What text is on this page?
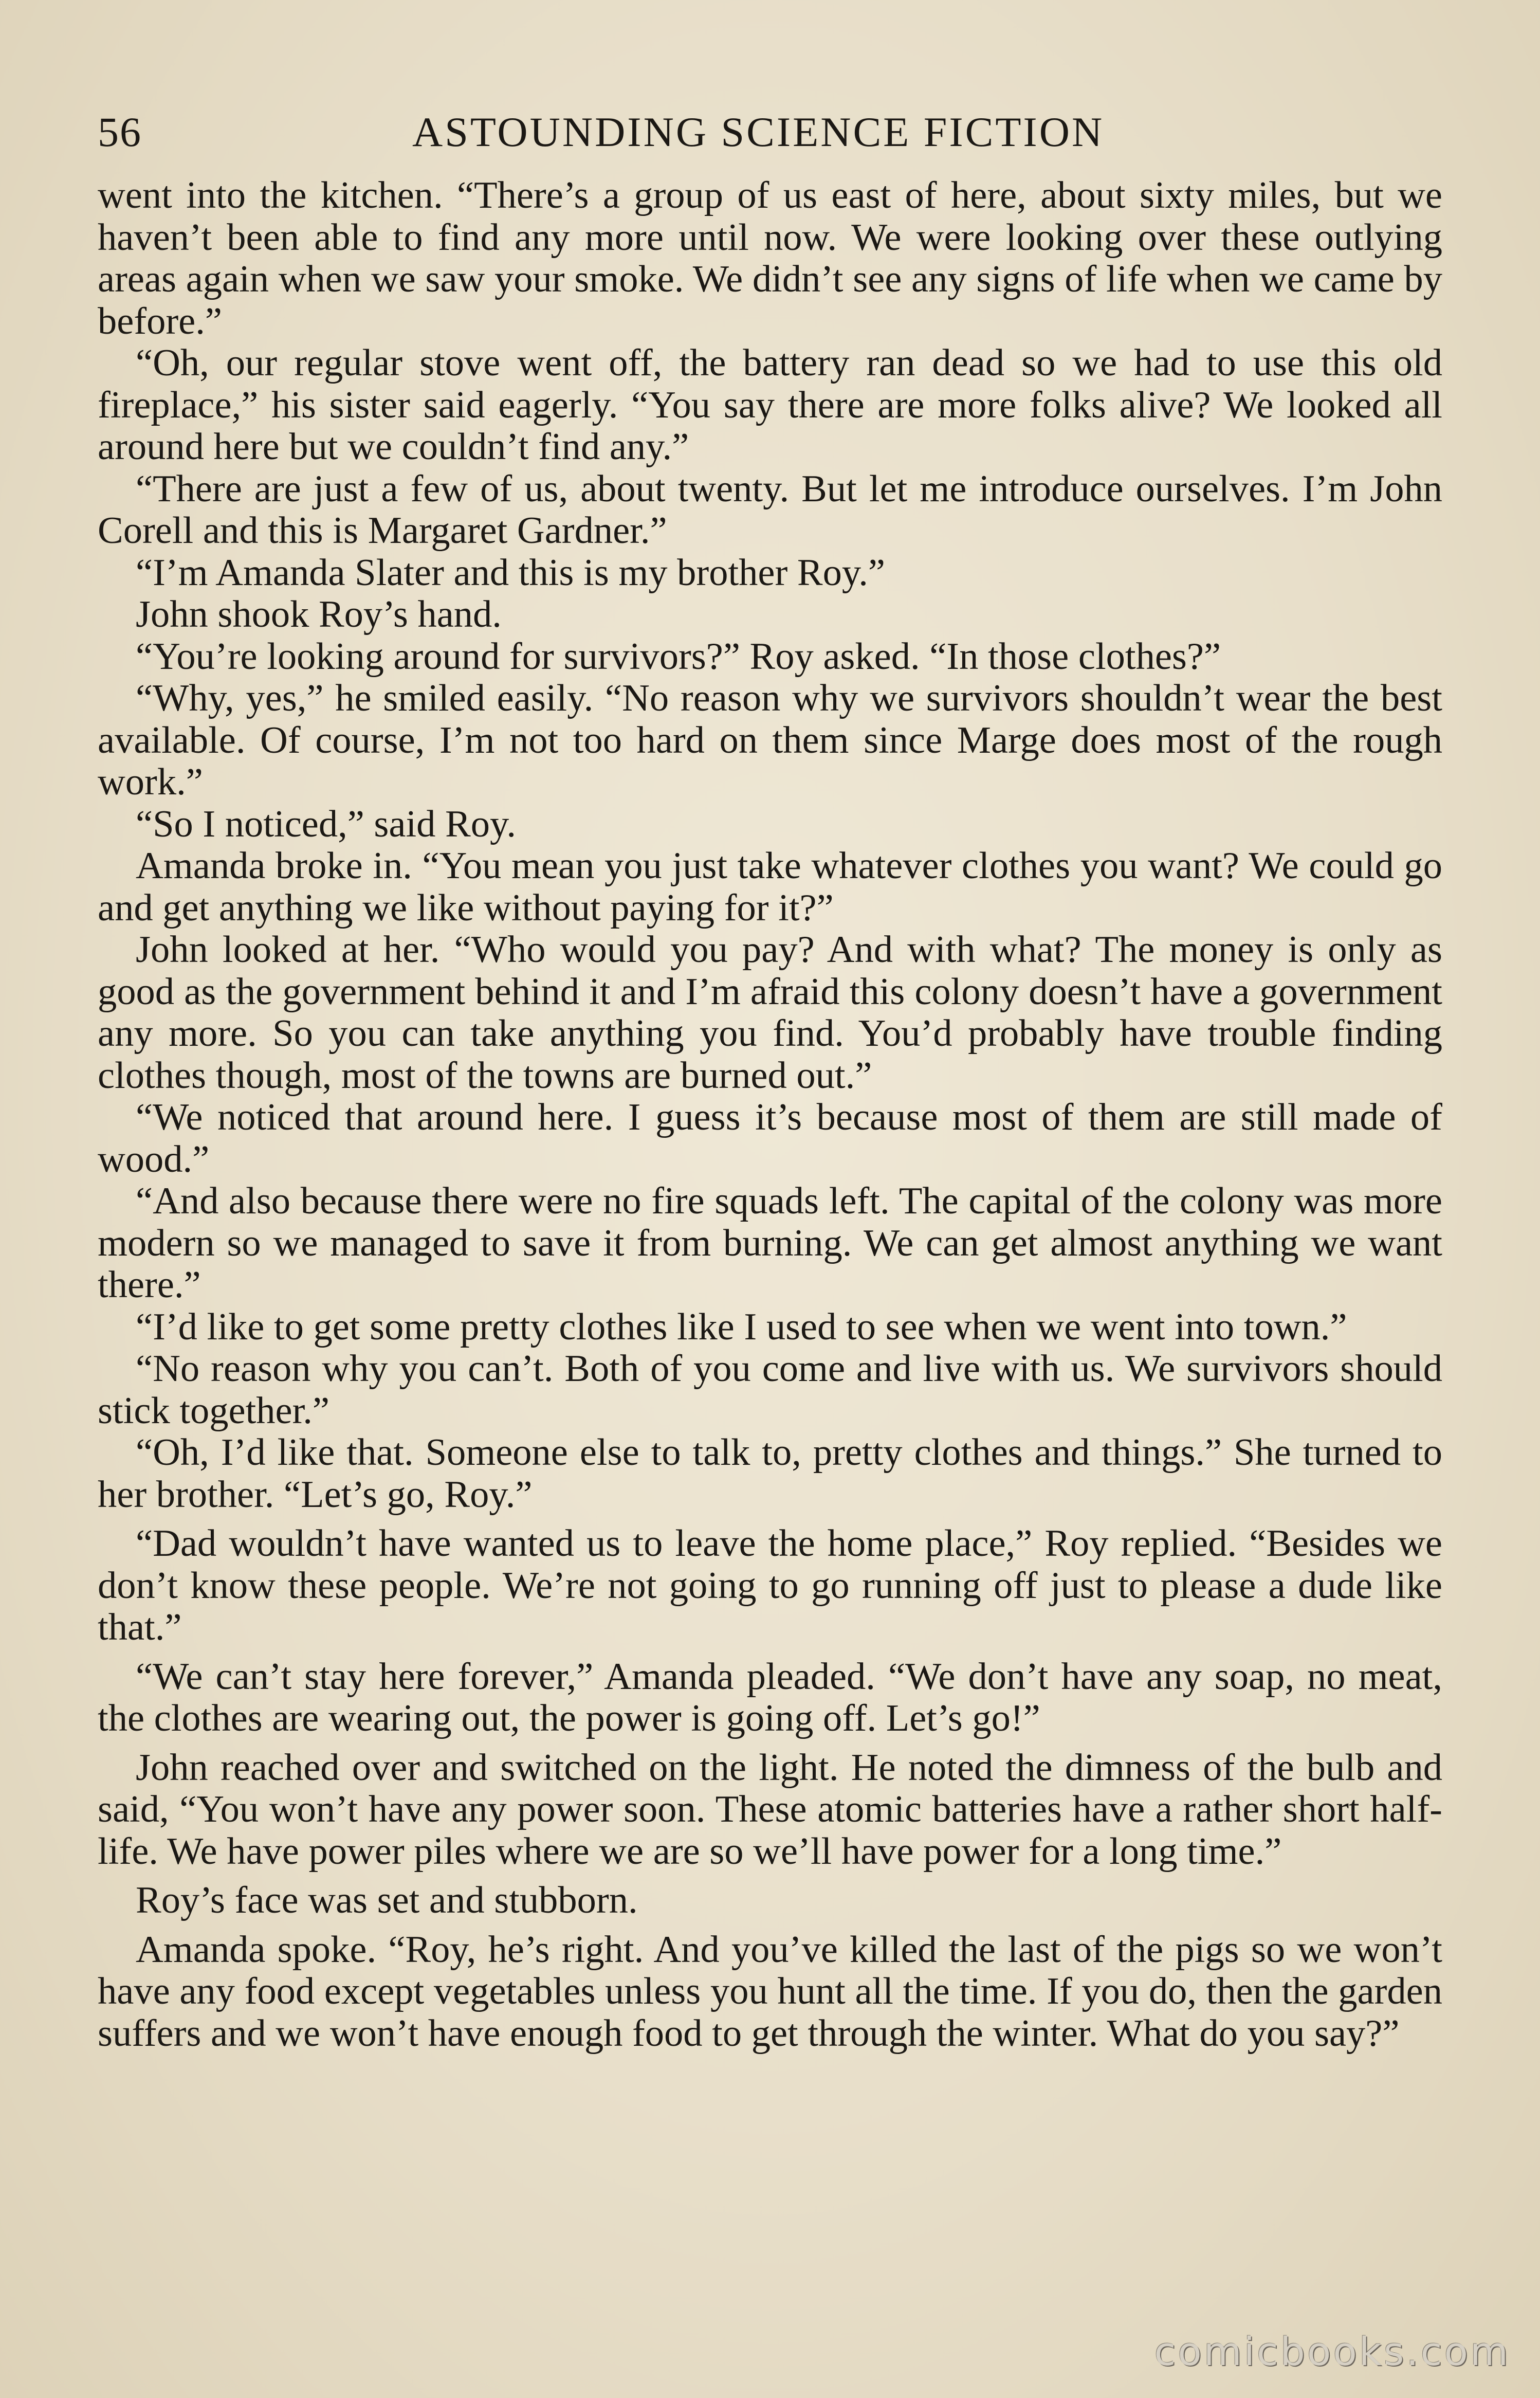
56	ASTOUNDING SCIENCE FICTION

went into the kitchen. “There’s a group of us east of here, about sixty miles, but we haven’t been able to find any more until now. We were looking over these outlying areas again when we saw your smoke. We didn’t see any signs of life when we came by before.”

“Oh, our regular stove went off, the battery ran dead so we had to use this old fireplace,” his sister said eagerly. “You say there are more folks alive? We looked all around here but we couldn’t find any.”

“There are just a few of us, about twenty. But let me introduce ourselves. I’m John Corell and this is Margaret Gardner.”

“I’m Amanda Slater and this is my brother Roy.”

John shook Roy’s hand.

“You’re looking around for survivors?” Roy asked. “In those clothes?”

“Why, yes,” he smiled easily. “No reason why we survivors shouldn’t wear the best available. Of course, I’m not too hard on them since Marge does most of the rough work.”

“So I noticed,” said Roy.

Amanda broke in. “You mean you just take whatever clothes you want? We could go and get anything we like without paying for it?”

John looked at her. “Who would you pay? And with what? The money is only as good as the government behind it and I’m afraid this colony doesn’t have a government any more. So you can take anything you find. You’d probably have trouble finding clothes though, most of the towns are burned out.”

“We noticed that around here. I guess it’s because most of them are still made of wood.”

“And also because there were no fire squads left. The capital of the colony was more modern so we managed to save it from burning. We can get almost anything we want there.”

“I’d like to get some pretty clothes like I used to see when we went into town.”

“No reason why you can’t. Both of you come and live with us. We survivors should stick together.”

“Oh, I’d like that. Someone else to talk to, pretty clothes and things.” She turned to her brother. “Let’s go, Roy.”

“Dad wouldn’t have wanted us to leave the home place,” Roy replied. “Besides we don’t know these people. We’re not going to go running off just to please a dude like that.”

“We can’t stay here forever,” Amanda pleaded. “We don’t have any soap, no meat, the clothes are wearing out, the power is going off. Let’s go!”

John reached over and switched on the light. He noted the dimness of the bulb and said, “You won’t have any power soon. These atomic batteries have a rather short half-life. We have power piles where we are so we’ll have power for a long time.”

Roy’s face was set and stubborn.

Amanda spoke. “Roy, he’s right. And you’ve killed the last of the pigs so we won’t have any food except vegetables unless you hunt all the time. If you do, then the garden suffers and we won’t have enough food to get through the winter. What do you say?”

comicbooks.com
